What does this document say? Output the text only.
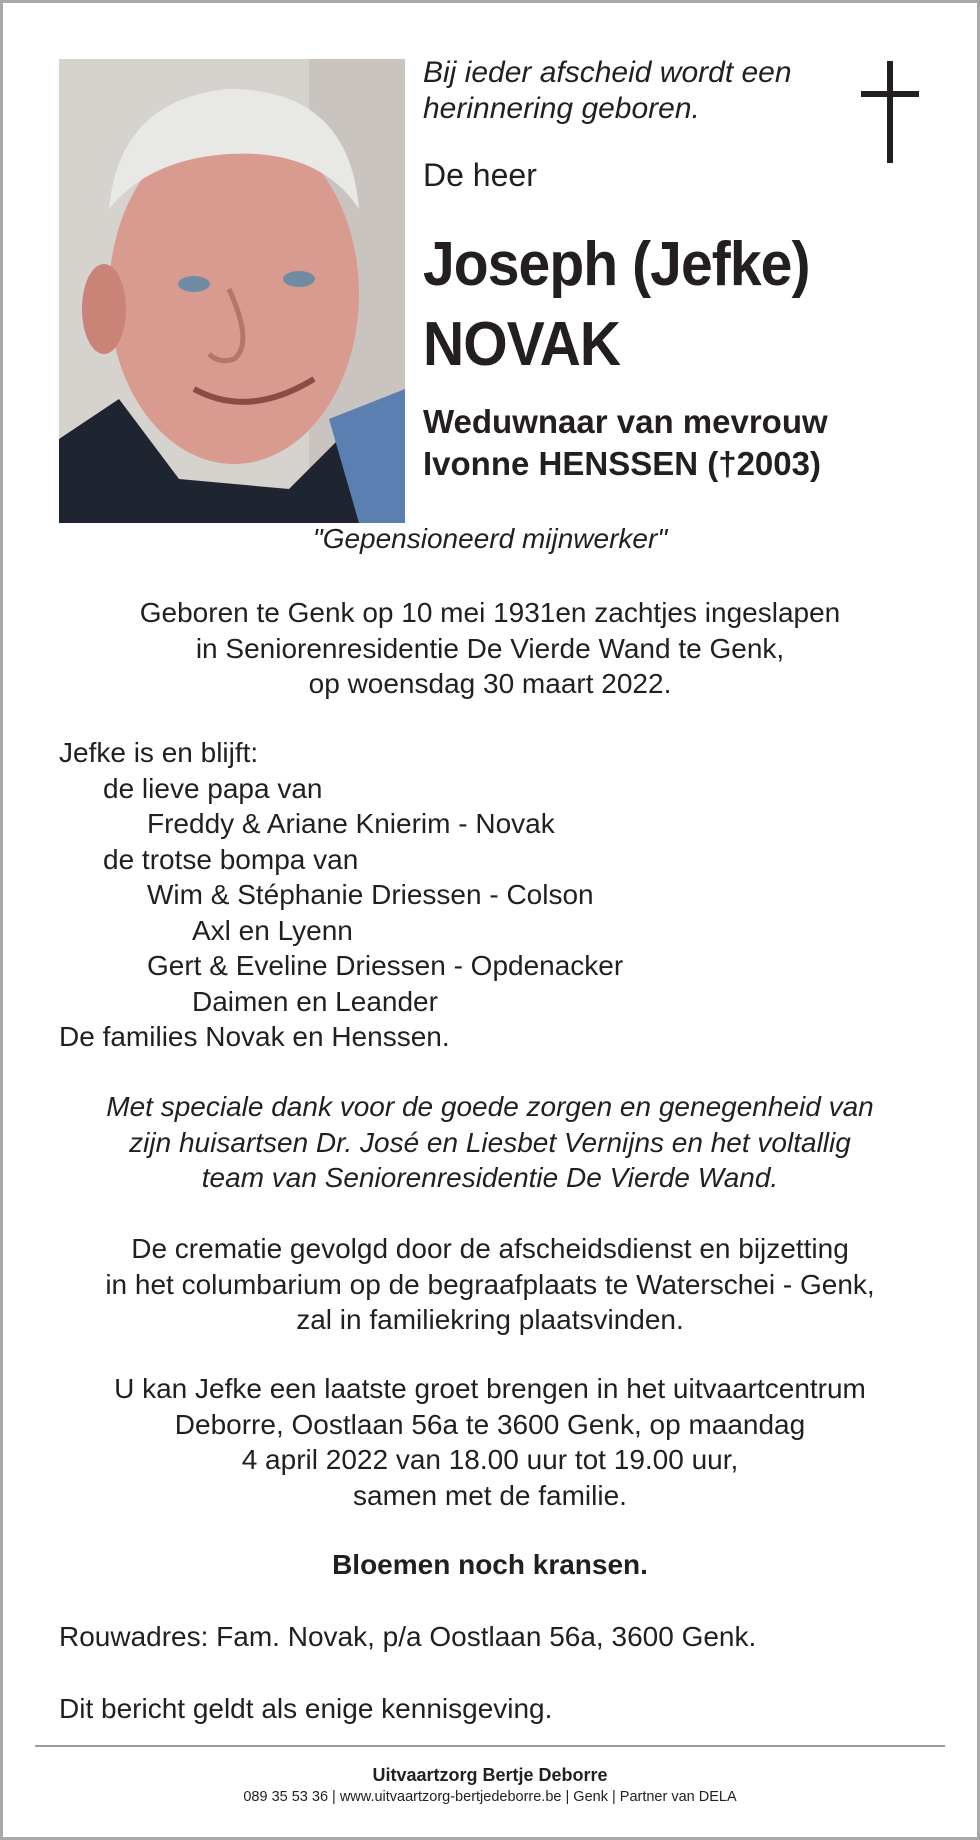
Bij ieder afscheid wordt een
herinnering geboren.
De heer
Joseph (Jefke)
NOVAK
Weduwnaar van mevrouw
Ivonne HENSSEN (†2003)
"Gepensioneerd mijnwerker"
Geboren te Genk op 10 mei 1931en zachtjes ingeslapen
in Seniorenresidentie De Vierde Wand te Genk,
op woensdag 30 maart 2022.
Jefke is en blijft:
de lieve papa van
Freddy & Ariane Knierim - Novak
de trotse bompa van
Wim & Stéphanie Driessen - Colson
Axl en Lyenn
Gert & Eveline Driessen - Opdenacker
Daimen en Leander
De families Novak en Henssen.
Met speciale dank voor de goede zorgen en genegenheid van
zijn huisartsen Dr. José en Liesbet Vernijns en het voltallig
team van Seniorenresidentie De Vierde Wand.
De crematie gevolgd door de afscheidsdienst en bijzetting
in het columbarium op de begraafplaats te Waterschei - Genk,
zal in familiekring plaatsvinden.
U kan Jefke een laatste groet brengen in het uitvaartcentrum
Deborre, Oostlaan 56a te 3600 Genk, op maandag
4 april 2022 van 18.00 uur tot 19.00 uur,
samen met de familie.
Bloemen noch kransen.
Rouwadres: Fam. Novak, p/a Oostlaan 56a, 3600 Genk.
Dit bericht geldt als enige kennisgeving.
Uitvaartzorg Bertje Deborre
089 35 53 36 | www.uitvaartzorg-bertjedeborre.be | Genk | Partner van DELA
